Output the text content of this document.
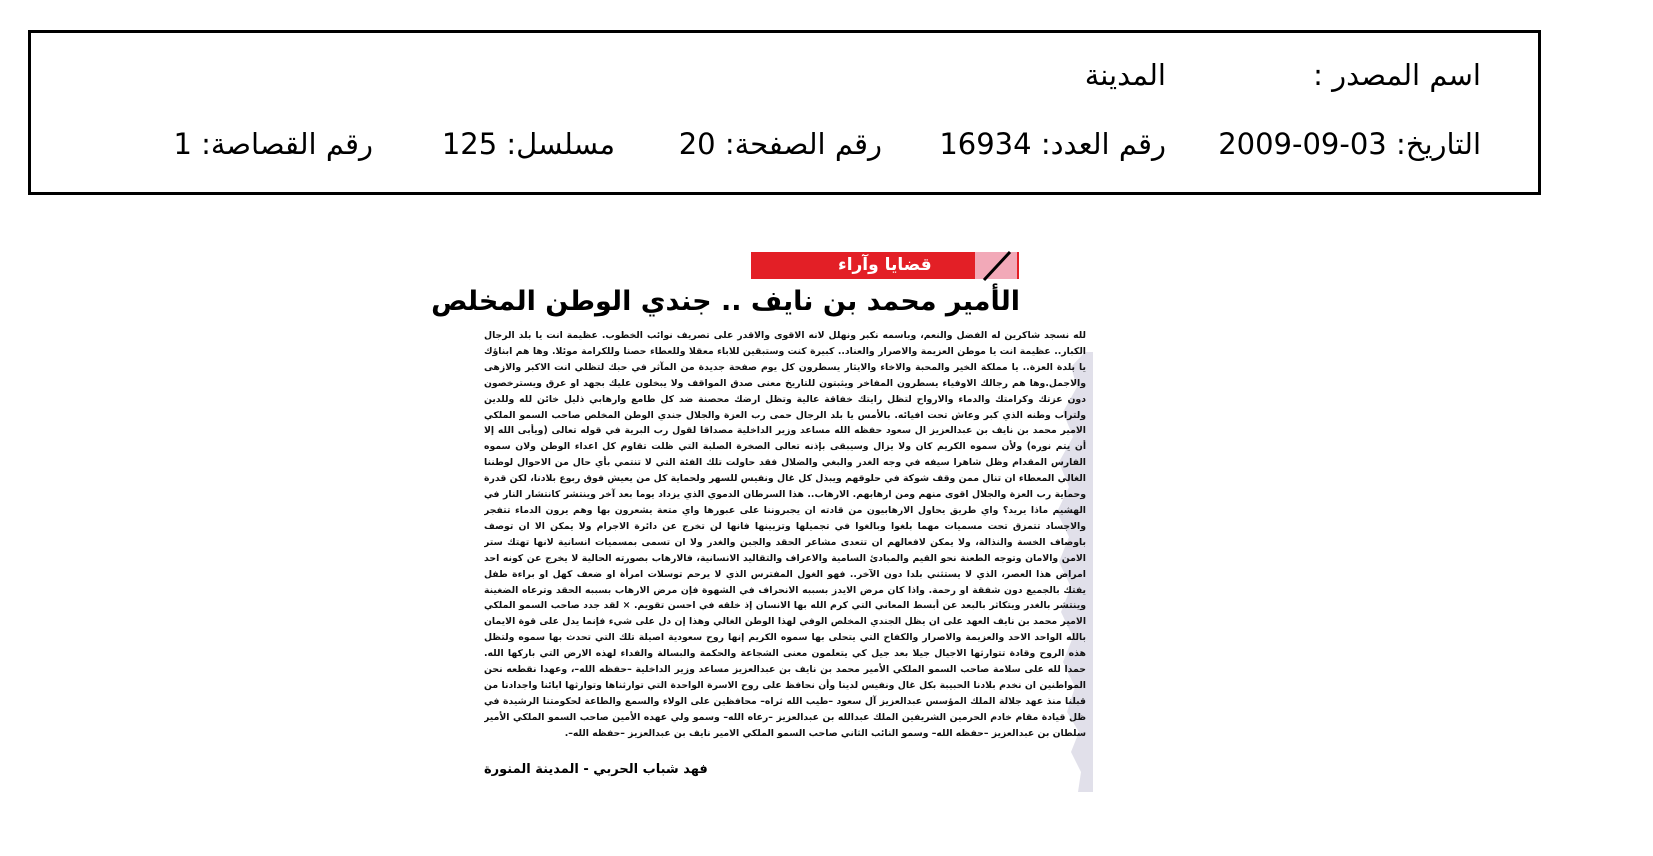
اسم المصدر :
المدينة
التاريخ: 2009-09-03
رقم العدد: 16934
رقم الصفحة: 20
مسلسل: 125
رقم القصاصة: 1
قضايا وآراء
الأمير محمد بن نايف .. جندي الوطن المخلص
لله نسجد شاكرين له الفضل والنعم، وباسمه نكبر ونهلل لانه الاقوى والاقدر على تصريف نوائب الخطوب. عظيمة انت يا بلد الرجال الكبار.. عظيمة انت يا موطن العزيمة والاصرار والعناد.. كبيرة كنت وستبقين للاباء معقلا وللعطاء حصنا وللكرامة موئلا. وها هم ابناؤك يا بلدة العزة.. يا مملكة الخير والمحبة والاخاء والايثار يسطرون كل يوم صفحة جديدة من المآثر في حبك لتظلي انت الاكبر والازهى والاجمل.وها هم رجالك الاوفياء يسطرون المفاخر ويثبتون للتاريخ معنى صدق المواقف ولا يبخلون عليك بجهد او عرق ويسترخصون دون عزتك وكرامتك والدماء والارواح لتظل رايتك خفاقة عالية وتظل ارضك محصنة ضد كل طامع وارهابي ذليل خائن لله وللدين ولتراب وطنه الذي كبر وعاش تحت افيائه. بالأمس يا بلد الرجال حمى رب العزة والجلال جندي الوطن المخلص صاحب السمو الملكي الامير محمد بن نايف بن عبدالعزيز ال سعود حفظه الله مساعد وزير الداخلية مصداقا لقول رب البرية في قوله تعالى (ويأبى الله إلا أن يتم نوره) ولأن سموه الكريم كان ولا يزال وسيبقى بإذنه تعالى الصخرة الصلبة التي ظلت تقاوم كل اعداء الوطن ولان سموه الفارس المقدام وظل شاهرا سيفه في وجه الغدر والبغي والضلال فقد حاولت تلك الفئة التي لا تنتمي بأي حال من الاحوال لوطننا الغالي المعطاء ان تنال ممن وقف شوكة في حلوقهم ويبذل كل غال ونفيس للسهر ولحماية كل من يعيش فوق ربوع بلادنا، لكن قدرة وحماية رب العزة والجلال اقوى منهم ومن ارهابهم. الارهاب.. هذا السرطان الدموي الذي يزداد يوما بعد آخر وينتشر كانتشار النار في الهشيم ماذا يريد؟ واي طريق يحاول الارهابيون من قادته ان يجبروننا على عبورها واي متعة يشعرون بها وهم يرون الدماء تتفجر والاجساد تتمزق تحت مسميات مهما بلغوا وبالغوا في تجميلها وتزيينها فانها لن تخرج عن دائرة الاجرام ولا يمكن الا ان توصف باوصاف الخسة والنذالة، ولا يمكن لافعالهم ان تتعدى مشاعر الحقد والجبن والغدر ولا ان تسمى بمسميات انسانية لانها تهتك ستر الامن والامان وتوجه الطعنة نحو القيم والمبادئ السامية والاعراف والتقاليد الانسانية، فالارهاب بصورته الحالية لا يخرج عن كونه احد امراض هذا العصر، الذي لا يستثني بلدا دون الآخر.. فهو الغول المفترس الذي لا يرحم توسلات امرأة او ضعف كهل او براءة طفل يفتك بالجميع دون شفقة او رحمة. واذا كان مرض الايدز بسببه الانحراف في الشهوة فإن مرض الارهاب بسببه الحقد وترعاه الضغينة وينتشر بالغدر ويتكاثر بالبعد عن أبسط المعاني التي كرم الله بها الانسان إذ خلقه في احسن تقويم. × لقد جدد صاحب السمو الملكي الامير محمد بن نايف العهد على ان يظل الجندي المخلص الوفي لهذا الوطن الغالي وهذا إن دل على شيء فإنما يدل على قوة الايمان بالله الواحد الاحد والعزيمة والاصرار والكفاح التي يتحلى بها سموه الكريم إنها روح سعودية اصيلة تلك التي تحدث بها سموه ولتظل هذه الروح وقادة تتوارثها الاجيال جيلا بعد جيل كي يتعلمون معنى الشجاعة والحكمة والبسالة والفداء لهذه الارض التي باركها الله. حمدا لله على سلامة صاحب السمو الملكي الأمير محمد بن نايف بن عبدالعزيز مساعد وزير الداخلية –حفظه الله–، وعهدا نقطعه نحن المواطنين ان نخدم بلادنا الحبيبة بكل غال ونفيس لدينا وأن نحافظ على روح الاسرة الواحدة التي توارثناها وتوارثها ابائنا واجدادنا من قبلنا منذ عهد جلالة الملك المؤسس عبدالعزيز آل سعود –طيب الله ثراه– محافظين على الولاء والسمع والطاعة لحكومتنا الرشيدة في ظل قيادة مقام خادم الحرمين الشريفين الملك عبدالله بن عبدالعزيز –رعاه الله– وسمو ولي عهده الأمين صاحب السمو الملكي الأمير سلطان بن عبدالعزيز –حفظه الله– وسمو النائب الثاني صاحب السمو الملكي الامير نايف بن عبدالعزيز –حفظه الله–.
فهد شباب الحربي - المدينة المنورة
